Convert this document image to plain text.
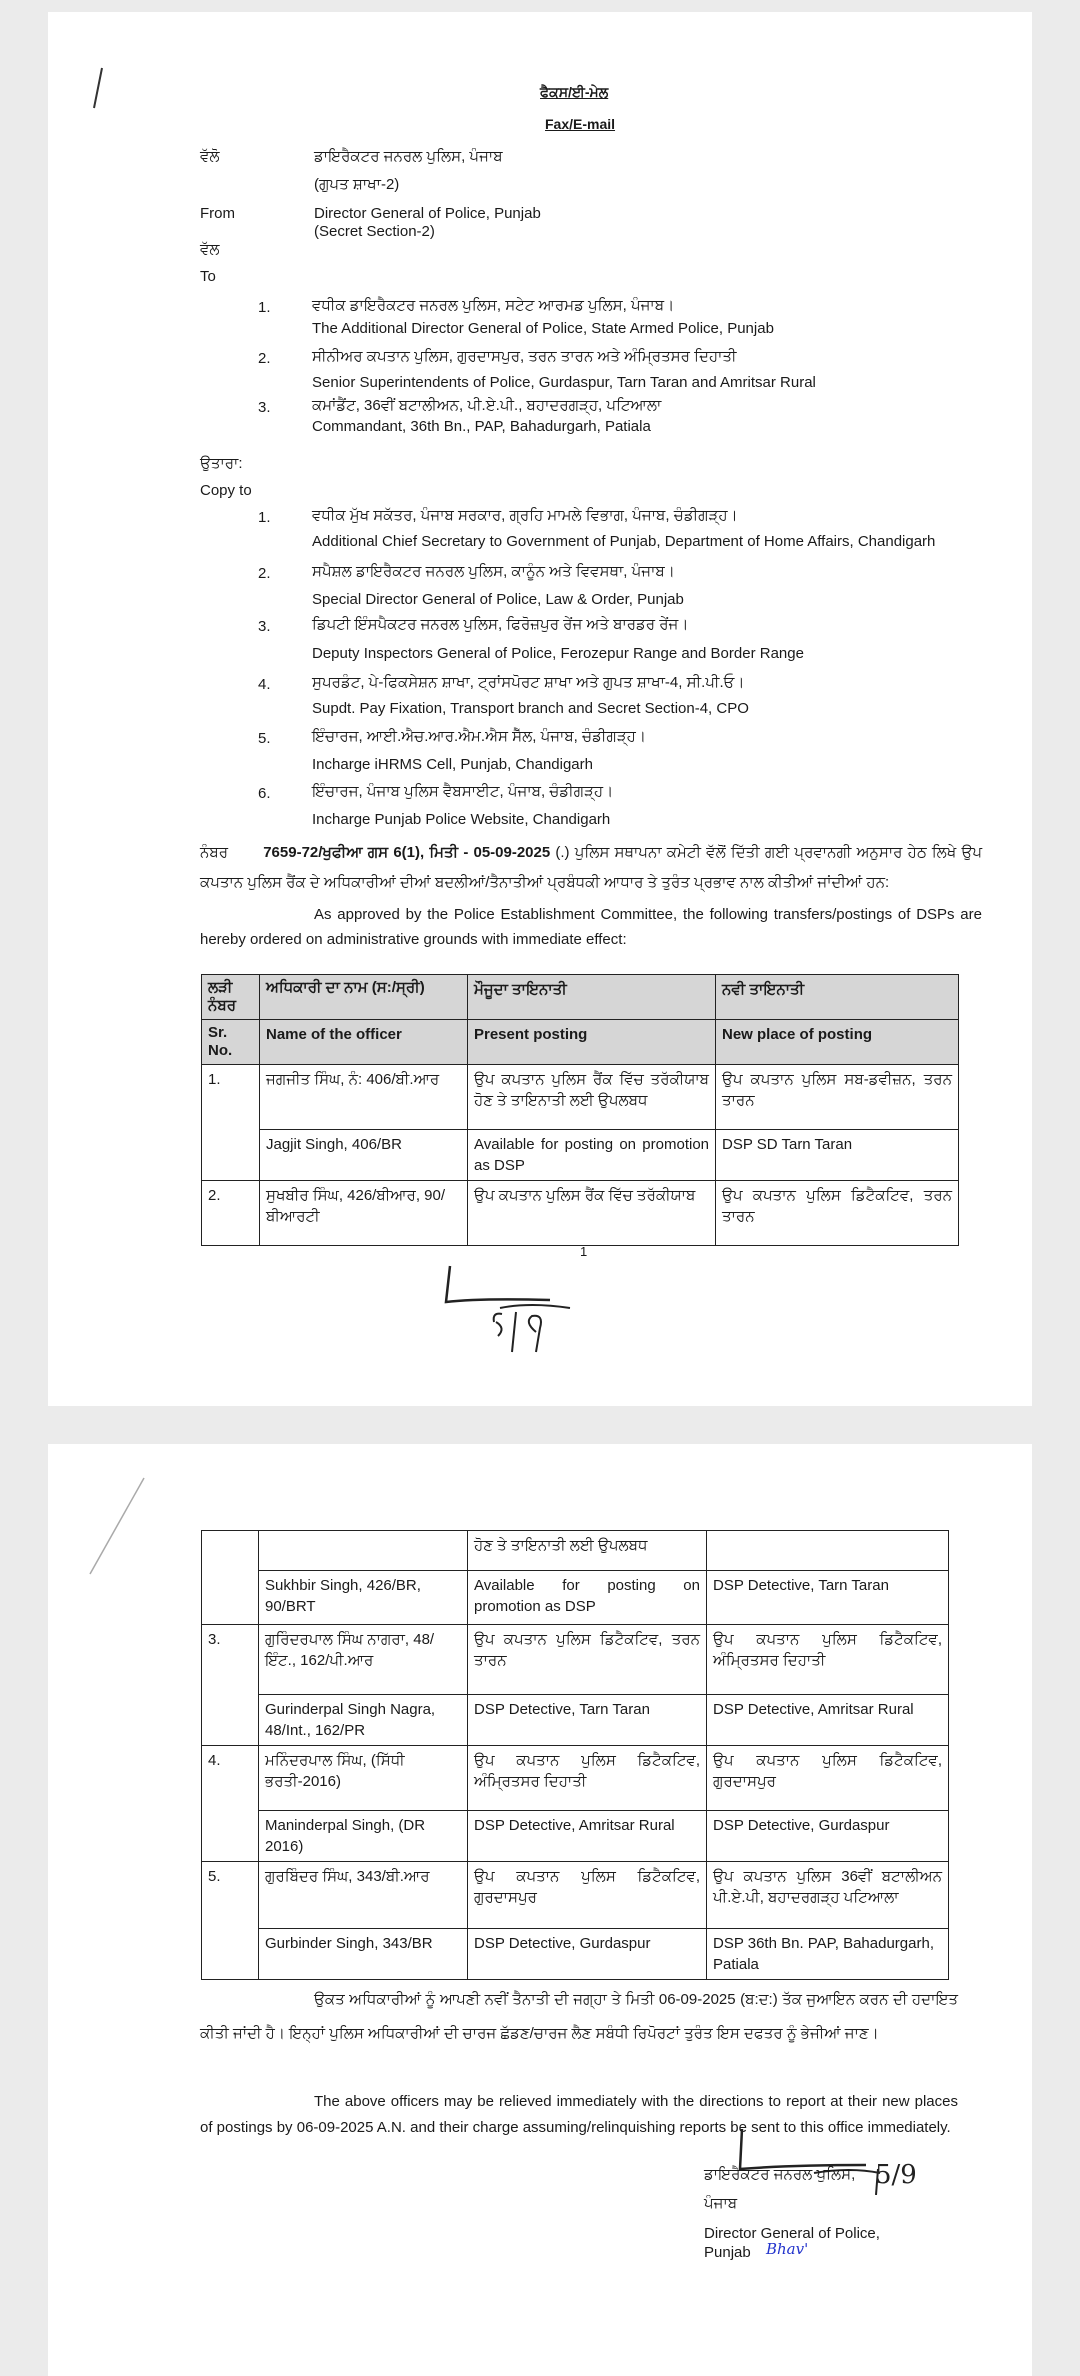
ਫੈਕਸ/ਈ-ਮੇਲ
Fax/E-mail
ਵੱਲੋ	ਡਾਇਰੈਕਟਰ ਜਨਰਲ ਪੁਲਿਸ, ਪੰਜਾਬ
(ਗੁਪਤ ਸ਼ਾਖਾ-2)
From	Director General of Police, Punjab
(Secret Section-2)
ਵੱਲ
To
1.	ਵਧੀਕ ਡਾਇਰੈਕਟਰ ਜਨਰਲ ਪੁਲਿਸ, ਸਟੇਟ ਆਰਮਡ ਪੁਲਿਸ, ਪੰਜਾਬ।
The Additional Director General of Police, State Armed Police, Punjab
2.	ਸੀਨੀਅਰ ਕਪਤਾਨ ਪੁਲਿਸ, ਗੁਰਦਾਸਪੁਰ, ਤਰਨ ਤਾਰਨ ਅਤੇ ਅੰਮ੍ਰਿਤਸਰ ਦਿਹਾਤੀ
Senior Superintendents of Police, Gurdaspur, Tarn Taran and Amritsar Rural
3.	ਕਮਾਂਡੈਂਟ, 36ਵੀਂ ਬਟਾਲੀਅਨ, ਪੀ.ਏ.ਪੀ., ਬਹਾਦਰਗੜ੍ਹ, ਪਟਿਆਲਾ
Commandant, 36th Bn., PAP, Bahadurgarh, Patiala
ਉਤਾਰਾ:
Copy to
1.	ਵਧੀਕ ਮੁੱਖ ਸਕੱਤਰ, ਪੰਜਾਬ ਸਰਕਾਰ, ਗ੍ਰਹਿ ਮਾਮਲੇ ਵਿਭਾਗ, ਪੰਜਾਬ, ਚੰਡੀਗੜ੍ਹ।
Additional Chief Secretary to Government of Punjab, Department of Home Affairs, Chandigarh
2.	ਸਪੈਸ਼ਲ ਡਾਇਰੈਕਟਰ ਜਨਰਲ ਪੁਲਿਸ, ਕਾਨੂੰਨ ਅਤੇ ਵਿਵਸਥਾ, ਪੰਜਾਬ।
Special Director General of Police, Law & Order, Punjab
3.	ਡਿਪਟੀ ਇੰਸਪੈਕਟਰ ਜਨਰਲ ਪੁਲਿਸ, ਫਿਰੋਜ਼ਪੁਰ ਰੇਂਜ ਅਤੇ ਬਾਰਡਰ ਰੇਂਜ।
Deputy Inspectors General of Police, Ferozepur Range and Border Range
4.	ਸੁਪਰਡੰਟ, ਪੇ-ਫਿਕਸੇਸ਼ਨ ਸ਼ਾਖਾ, ਟ੍ਰਾਂਸਪੋਰਟ ਸ਼ਾਖਾ ਅਤੇ ਗੁਪਤ ਸ਼ਾਖਾ-4, ਸੀ.ਪੀ.ਓ।
Supdt. Pay Fixation, Transport branch and Secret Section-4, CPO
5.	ਇੰਚਾਰਜ, ਆਈ.ਐਚ.ਆਰ.ਐਮ.ਐਸ ਸੈੱਲ, ਪੰਜਾਬ, ਚੰਡੀਗੜ੍ਹ।
Incharge iHRMS Cell, Punjab, Chandigarh
6.	ਇੰਚਾਰਜ, ਪੰਜਾਬ ਪੁਲਿਸ ਵੈਬਸਾਈਟ, ਪੰਜਾਬ, ਚੰਡੀਗੜ੍ਹ।
Incharge Punjab Police Website, Chandigarh
ਨੰਬਰ 7659-72/ਖੁਫੀਆ ਗਸ 6(1), ਮਿਤੀ - 05-09-2025 (.) ਪੁਲਿਸ ਸਥਾਪਨਾ ਕਮੇਟੀ ਵੱਲੋਂ ਦਿੱਤੀ ਗਈ ਪ੍ਰਵਾਨਗੀ ਅਨੁਸਾਰ ਹੇਠ ਲਿਖੇ ਉਪ ਕਪਤਾਨ ਪੁਲਿਸ ਰੈਂਕ ਦੇ ਅਧਿਕਾਰੀਆਂ ਦੀਆਂ ਬਦਲੀਆਂ/ਤੈਨਾਤੀਆਂ ਪ੍ਰਬੰਧਕੀ ਆਧਾਰ ਤੇ ਤੁਰੰਤ ਪ੍ਰਭਾਵ ਨਾਲ ਕੀਤੀਆਂ ਜਾਂਦੀਆਂ ਹਨ:
As approved by the Police Establishment Committee, the following transfers/postings of DSPs are hereby ordered on administrative grounds with immediate effect:
ਲੜੀ ਨੰਬਰ	ਅਧਿਕਾਰੀ ਦਾ ਨਾਮ (ਸ:/ਸ੍ਰੀ)	ਮੌਜੂਦਾ ਤਾਇਨਾਤੀ	ਨਵੀ ਤਾਇਨਾਤੀ
Sr. No.	Name of the officer	Present posting	New place of posting
1.	ਜਗਜੀਤ ਸਿੰਘ, ਨੰ: 406/ਬੀ.ਆਰ	ਉਪ ਕਪਤਾਨ ਪੁਲਿਸ ਰੈਂਕ ਵਿੱਚ ਤਰੱਕੀਯਾਬ ਹੋਣ ਤੇ ਤਾਇਨਾਤੀ ਲਈ ਉਪਲਬਧ	ਉਪ ਕਪਤਾਨ ਪੁਲਿਸ ਸਬ-ਡਵੀਜ਼ਨ, ਤਰਨ ਤਾਰਨ
	Jagjit Singh, 406/BR	Available for posting on promotion as DSP	DSP SD Tarn Taran
2.	ਸੁਖਬੀਰ ਸਿੰਘ, 426/ਬੀਆਰ, 90/ਬੀਆਰਟੀ	ਉਪ ਕਪਤਾਨ ਪੁਲਿਸ ਰੈਂਕ ਵਿੱਚ ਤਰੱਕੀਯਾਬ	ਉਪ ਕਪਤਾਨ ਪੁਲਿਸ ਡਿਟੈਕਟਿਵ, ਤਰਨ ਤਾਰਨ
1
		ਹੋਣ ਤੇ ਤਾਇਨਾਤੀ ਲਈ ਉਪਲਬਧ	
	Sukhbir Singh, 426/BR, 90/BRT	Available for posting on promotion as DSP	DSP Detective, Tarn Taran
3.	ਗੁਰਿੰਦਰਪਾਲ ਸਿੰਘ ਨਾਗਰਾ, 48/ਇੰਟ., 162/ਪੀ.ਆਰ	ਉਪ ਕਪਤਾਨ ਪੁਲਿਸ ਡਿਟੈਕਟਿਵ, ਤਰਨ ਤਾਰਨ	ਉਪ ਕਪਤਾਨ ਪੁਲਿਸ ਡਿਟੈਕਟਿਵ, ਅੰਮ੍ਰਿਤਸਰ ਦਿਹਾਤੀ
	Gurinderpal Singh Nagra, 48/Int., 162/PR	DSP Detective, Tarn Taran	DSP Detective, Amritsar Rural
4.	ਮਨਿੰਦਰਪਾਲ ਸਿੰਘ, (ਸਿੱਧੀ ਭਰਤੀ-2016)	ਉਪ ਕਪਤਾਨ ਪੁਲਿਸ ਡਿਟੈਕਟਿਵ, ਅੰਮ੍ਰਿਤਸਰ ਦਿਹਾਤੀ	ਉਪ ਕਪਤਾਨ ਪੁਲਿਸ ਡਿਟੈਕਟਿਵ, ਗੁਰਦਾਸਪੁਰ
	Maninderpal Singh, (DR 2016)	DSP Detective, Amritsar Rural	DSP Detective, Gurdaspur
5.	ਗੁਰਬਿੰਦਰ ਸਿੰਘ, 343/ਬੀ.ਆਰ	ਉਪ ਕਪਤਾਨ ਪੁਲਿਸ ਡਿਟੈਕਟਿਵ, ਗੁਰਦਾਸਪੁਰ	ਉਪ ਕਪਤਾਨ ਪੁਲਿਸ 36ਵੀਂ ਬਟਾਲੀਅਨ ਪੀ.ਏ.ਪੀ, ਬਹਾਦਰਗੜ੍ਹ ਪਟਿਆਲਾ
	Gurbinder Singh, 343/BR	DSP Detective, Gurdaspur	DSP 36th Bn. PAP, Bahadurgarh, Patiala
ਉਕਤ ਅਧਿਕਾਰੀਆਂ ਨੂੰ ਆਪਣੀ ਨਵੀਂ ਤੈਨਾਤੀ ਦੀ ਜਗ੍ਹਾ ਤੇ ਮਿਤੀ 06-09-2025 (ਬ:ਦ:) ਤੱਕ ਜੁਆਇਨ ਕਰਨ ਦੀ ਹਦਾਇਤ ਕੀਤੀ ਜਾਂਦੀ ਹੈ। ਇਨ੍ਹਾਂ ਪੁਲਿਸ ਅਧਿਕਾਰੀਆਂ ਦੀ ਚਾਰਜ ਛੱਡਣ/ਚਾਰਜ ਲੈਣ ਸਬੰਧੀ ਰਿਪੋਰਟਾਂ ਤੁਰੰਤ ਇਸ ਦਫਤਰ ਨੂੰ ਭੇਜੀਆਂ ਜਾਣ।
The above officers may be relieved immediately with the directions to report at their new places of postings by 06-09-2025 A.N. and their charge assuming/relinquishing reports be sent to this office immediately.
5/9
ਡਾਇਰੈਕਟਰ ਜਨਰਲ ਪੁਲਿਸ,
ਪੰਜਾਬ
Director General of Police,
Punjab Bhav'
